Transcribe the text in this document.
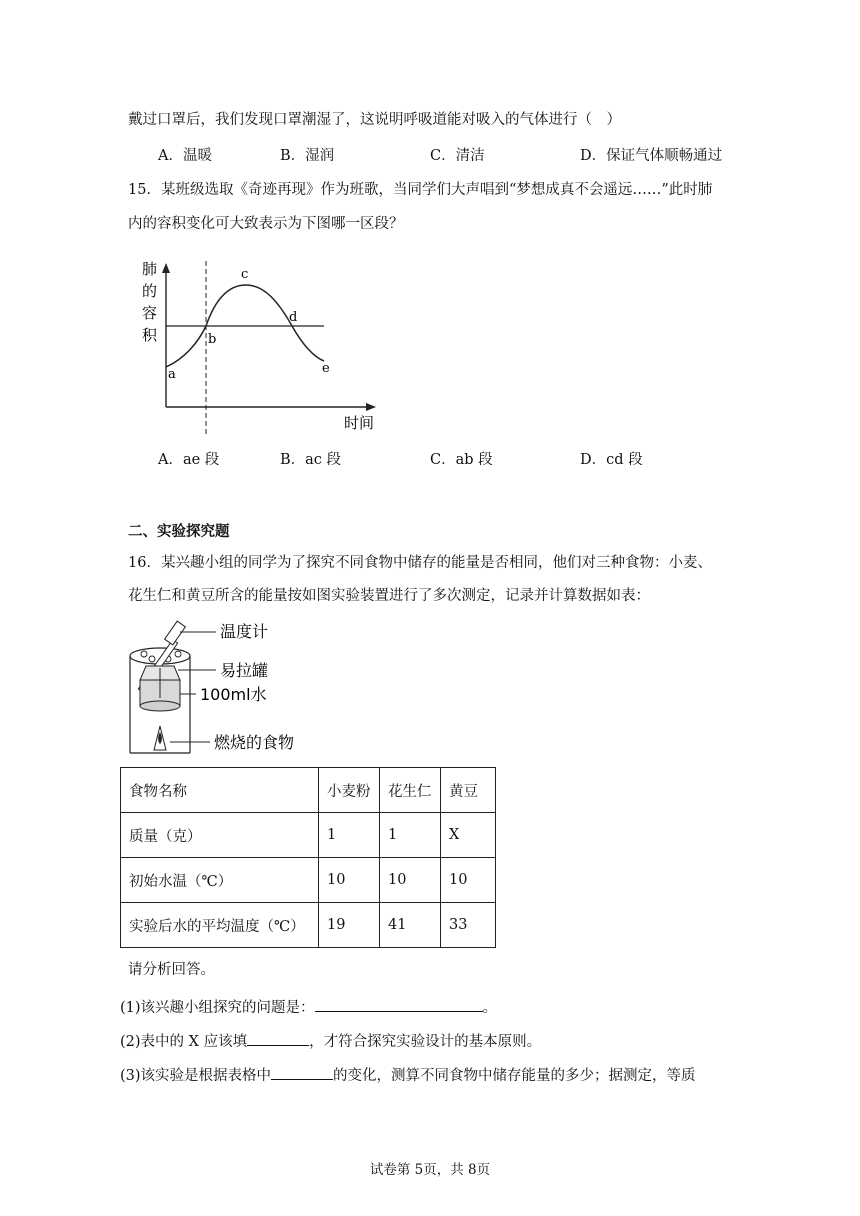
戴过口罩后，我们发现口罩潮湿了，这说明呼吸道能对吸入的气体进行（　）
A．温暖	B．湿润	C．清洁	D．保证气体顺畅通过
15．某班级选取《奇迹再现》作为班歌，当同学们大声唱到“梦想成真不会遥远……”此时肺
内的容积变化可大致表示为下图哪一区段？
肺
的
容
积
a
b
c
d
e
时间
A．ae 段	B．ac 段	C．ab 段	D．cd 段
二、实验探究题
16．某兴趣小组的同学为了探究不同食物中储存的能量是否相同，他们对三种食物：小麦、
花生仁和黄豆所含的能量按如图实验装置进行了多次测定，记录并计算数据如表：
温度计
易拉罐
100ml水
燃烧的食物
食物名称	小麦粉	花生仁	黄豆
质量（克）	1	1	X
初始水温（℃）	10	10	10
实验后水的平均温度（℃）	19	41	33
请分析回答。
(1)该兴趣小组探究的问题是：	。
(2)表中的 X 应该填	，才符合探究实验设计的基本原则。
(3)该实验是根据表格中	的变化，测算不同食物中储存能量的多少；据测定，等质
试卷第 5页，共 8页
